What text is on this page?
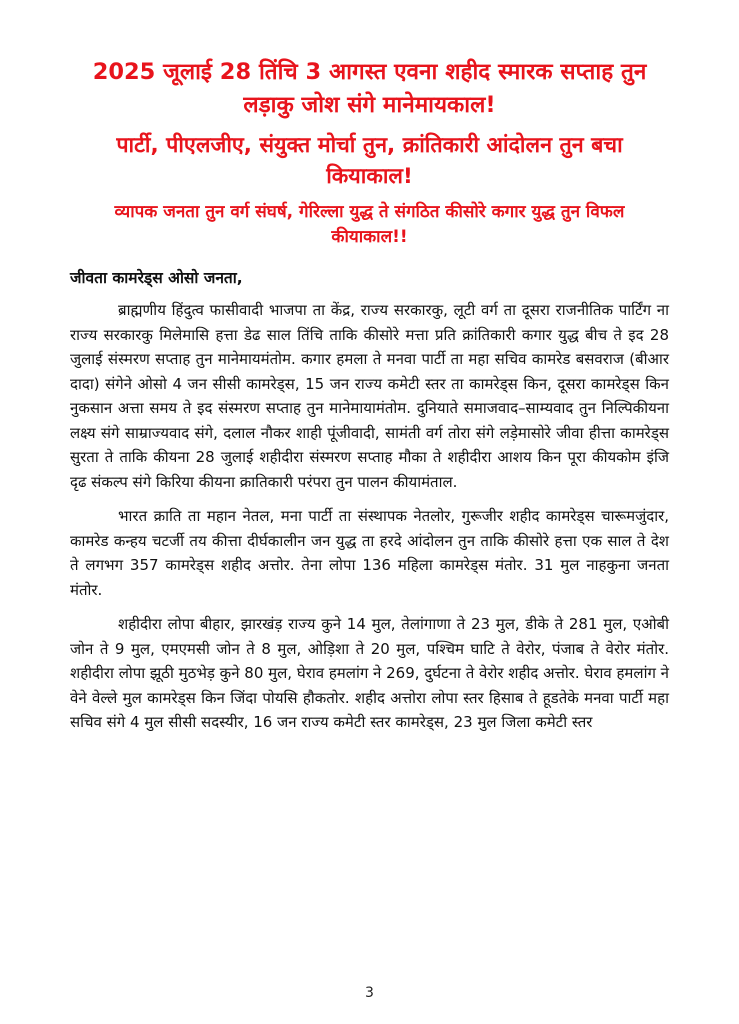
2025 जूलाई 28 तिंचि 3 आगस्त एवना शहीद स्मारक सप्ताह तुन लड़ाकु जोश संगे मानेमायकाल!
पार्टी, पीएलजीए, संयुक्त मोर्चा तुन, क्रांतिकारी आंदोलन तुन बचा कियाकाल!
व्यापक जनता तुन वर्ग संघर्ष, गेरिल्ला युद्ध ते संगठित कीसोरे कगार युद्ध तुन विफल कीयाकाल!!
जीवता कामरेड्स ओसो जनता,

ब्राह्मणीय हिंदुत्व फासीवादी भाजपा ता केंद्र, राज्य सरकारकु, लूटी वर्ग ता दूसरा राजनीतिक पार्टिंग ना राज्य सरकारकु मिलेमासि हत्ता डेढ साल तिंचि ताकि कीसोरे मत्ता प्रति क्रांतिकारी कगार युद्ध बीच ते इद 28 जुलाई संस्मरण सप्ताह तुन मानेमायमंतोम. कगार हमला ते मनवा पार्टी ता महा सचिव कामरेड बसवराज (बीआर दादा) संगेने ओसो 4 जन सीसी कामरेड्स, 15 जन राज्य कमेटी स्तर ता कामरेड्स किन, दूसरा कामरेड्स किन नुकसान अत्ता समय ते इद संस्मरण सप्ताह तुन मानेमायामंतोम. दुनियाते समाजवाद–साम्यवाद तुन निल्पिकीयना लक्ष्य संगे साम्राज्यवाद संगे, दलाल नौकर शाही पूंजीवादी, सामंती वर्ग तोरा संगे लड़ेमासोरे जीवा हीत्ता कामरेड्स सुरता ते ताकि कीयना 28 जुलाई शहीदीरा संस्मरण सप्ताह मौका ते शहीदीरा आशय किन पूरा कीयकोम इंजि दृढ संकल्प संगे किरिया कीयना क्रातिकारी परंपरा तुन पालन कीयामंताल.

भारत क्राति ता महान नेतल, मना पार्टी ता संस्थापक नेतलोर, गुरूजीर शहीद कामरेड्स चारूमजुंदार, कामरेड कन्हय चटर्जी तय कीत्ता दीर्घकालीन जन युद्ध ता हरदे आंदोलन तुन ताकि कीसोरे हत्ता एक साल ते देश ते लगभग 357 कामरेड्स शहीद अत्तोर. तेना लोपा 136 महिला कामरेड्स मंतोर. 31 मुल नाहकुना जनता मंतोर.

शहीदीरा लोपा बीहार, झारखंड़ राज्य कुने 14 मुल, तेलांगाणा ते 23 मुल, डीके ते 281 मुल, एओबी जोन ते 9 मुल, एमएमसी जोन ते 8 मुल, ओड़िशा ते 20 मुल, पश्चिम घाटि ते वेरोर, पंजाब ते वेरोर मंतोर. शहीदीरा लोपा झूठी मुठभेड़ कुने 80 मुल, घेराव हमलांग ने 269, दुर्घटना ते वेरोर शहीद अत्तोर. घेराव हमलांग ने वेने वेल्ले मुल कामरेड्स किन जिंदा पोयसि हौकतोर. शहीद अत्तोरा लोपा स्तर हिसाब ते हूडतेके मनवा पार्टी महा सचिव संगे 4 मुल सीसी सदस्यीर, 16 जन राज्य कमेटी स्तर कामरेड्स, 23 मुल जिला कमेटी स्तर

3
